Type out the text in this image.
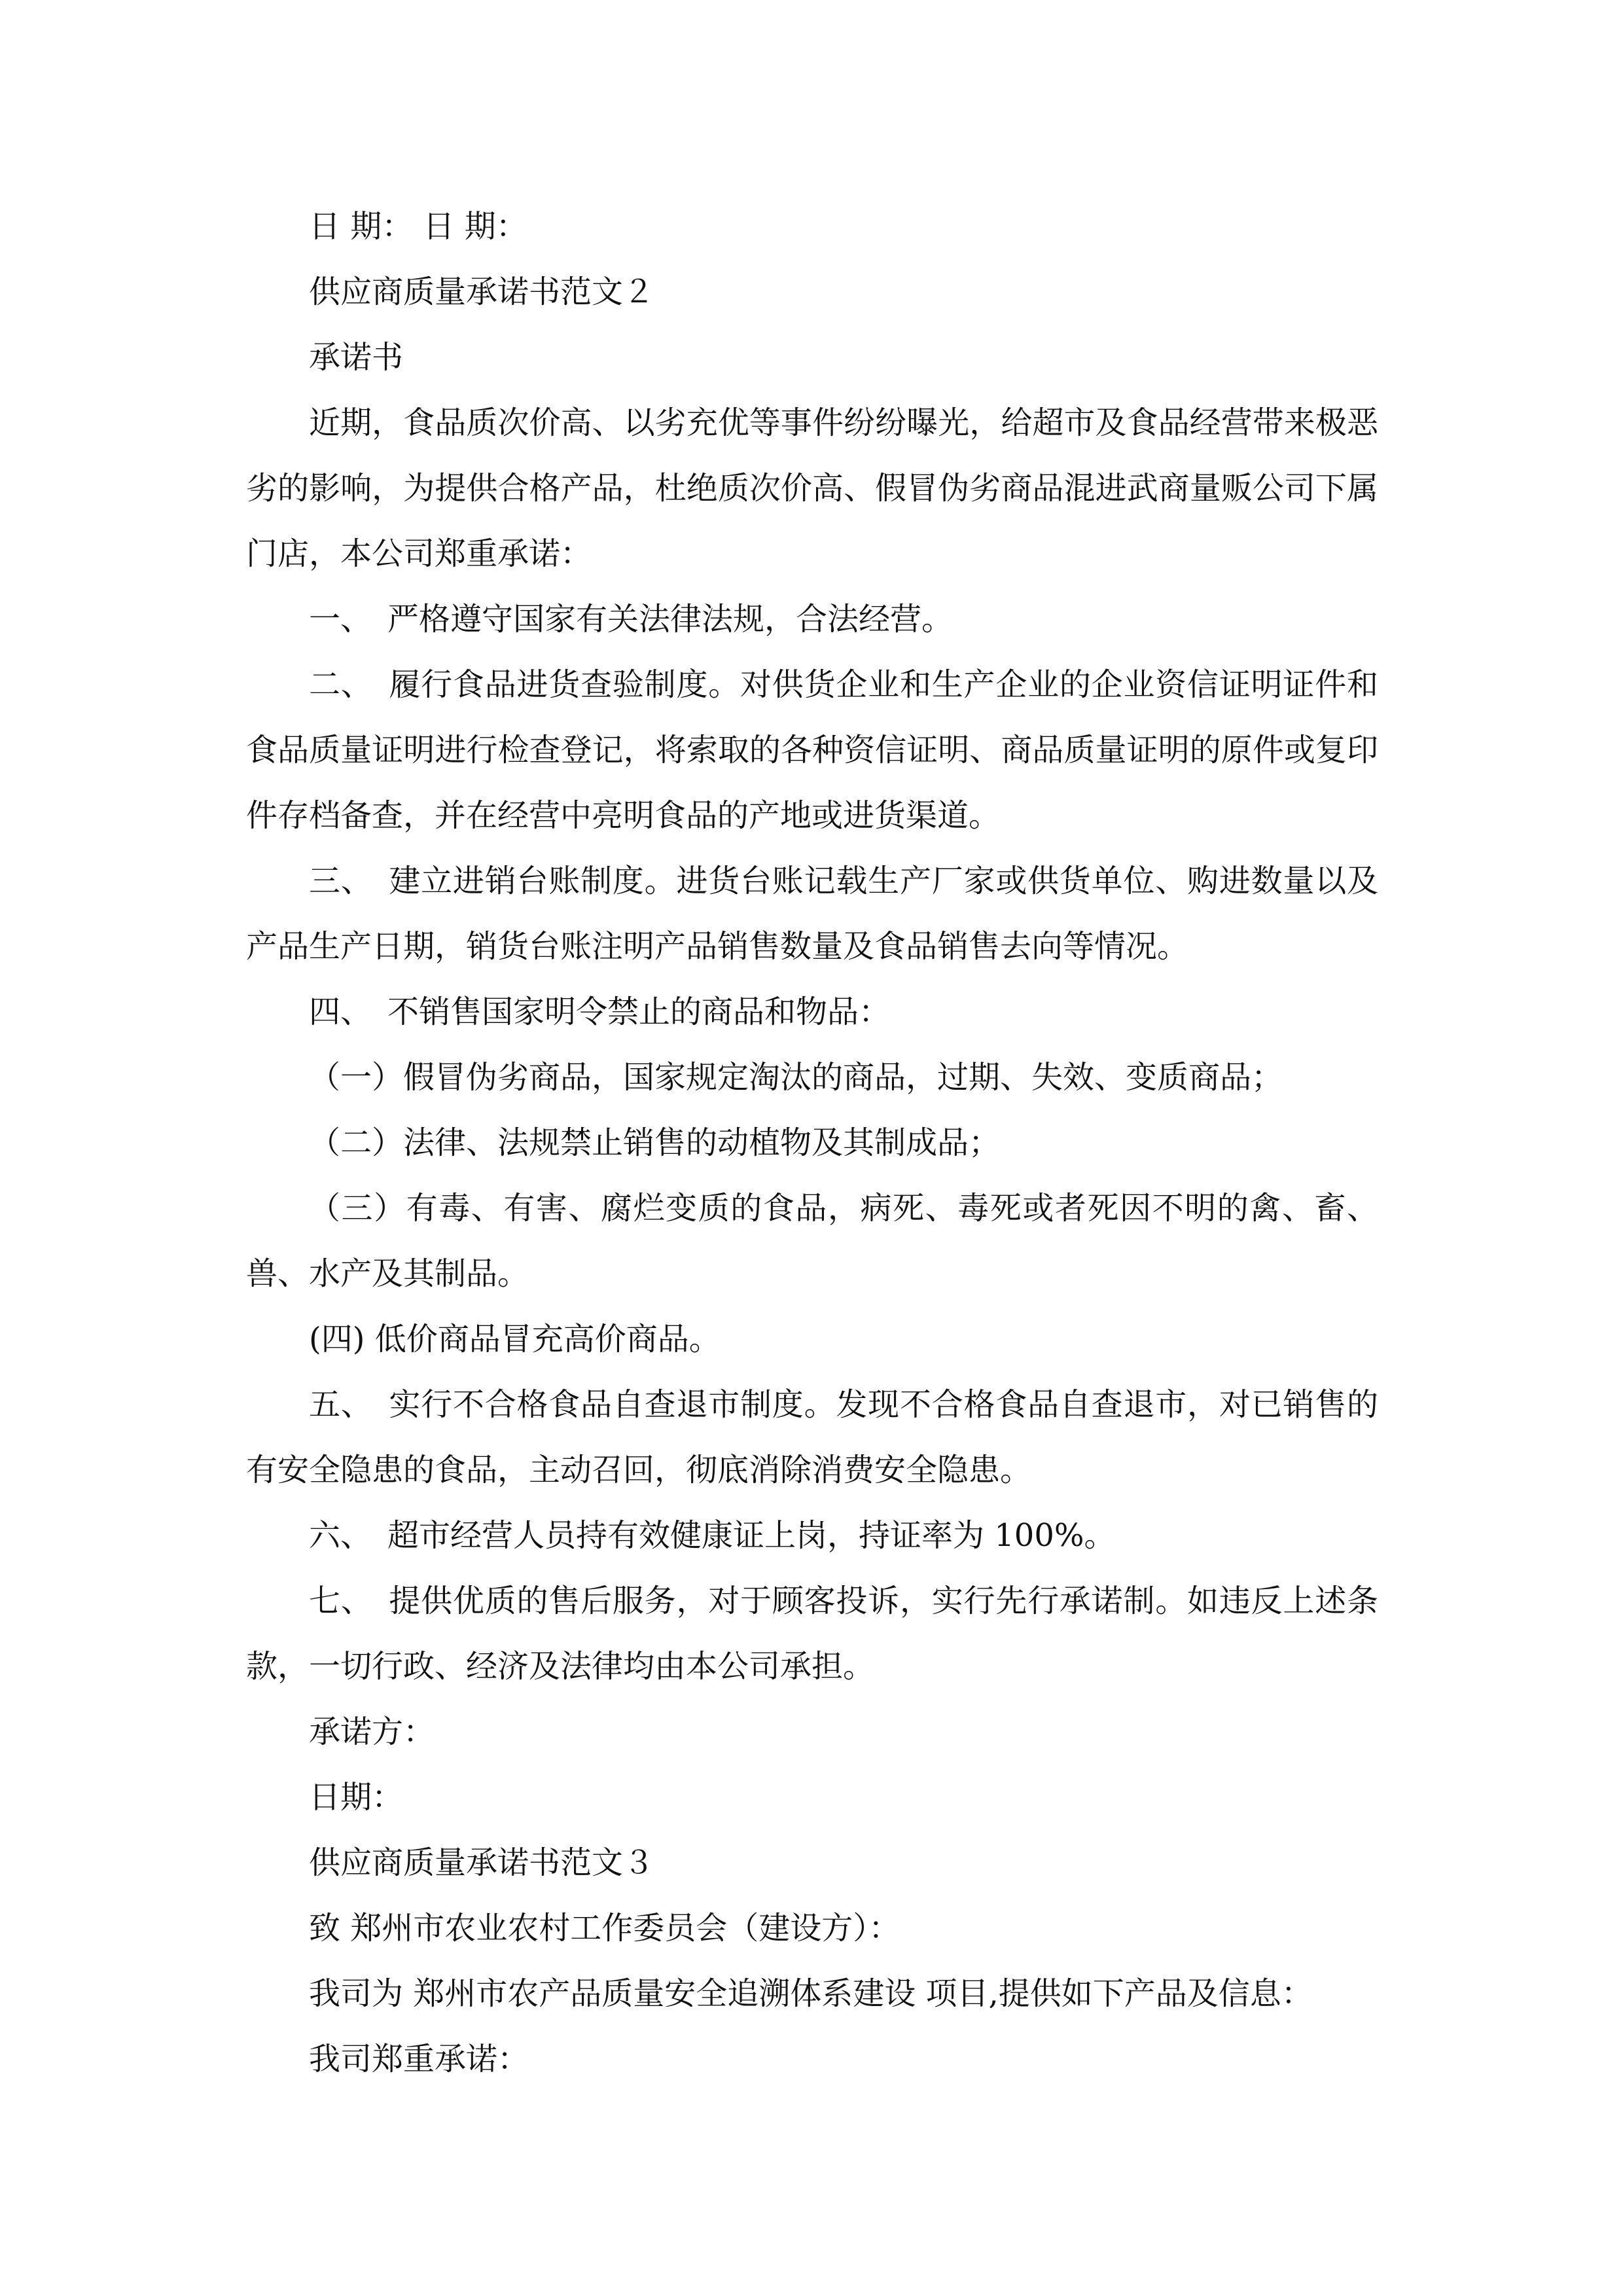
日 期： 日 期：

供应商质量承诺书范文２

承诺书

近期，食品质次价高、以劣充优等事件纷纷曝光，给超市及食品经营带来极恶劣的影响，为提供合格产品，杜绝质次价高、假冒伪劣商品混进武商量贩公司下属门店，本公司郑重承诺：

一、　严格遵守国家有关法律法规，合法经营。

二、　履行食品进货查验制度。对供货企业和生产企业的企业资信证明证件和食品质量证明进行检查登记，将索取的各种资信证明、商品质量证明的原件或复印件存档备查，并在经营中亮明食品的产地或进货渠道。

三、　建立进销台账制度。进货台账记载生产厂家或供货单位、购进数量以及产品生产日期，销货台账注明产品销售数量及食品销售去向等情况。

四、　不销售国家明令禁止的商品和物品：

（一）假冒伪劣商品，国家规定淘汰的商品，过期、失效、变质商品；

（二）法律、法规禁止销售的动植物及其制成品；

（三）有毒、有害、腐烂变质的食品，病死、毒死或者死因不明的禽、畜、兽、水产及其制品。

(四) 低价商品冒充高价商品。

五、　实行不合格食品自查退市制度。发现不合格食品自查退市，对已销售的有安全隐患的食品，主动召回，彻底消除消费安全隐患。

六、　超市经营人员持有效健康证上岗，持证率为 100%。

七、　提供优质的售后服务，对于顾客投诉，实行先行承诺制。如违反上述条款，一切行政、经济及法律均由本公司承担。

承诺方：

日期：

供应商质量承诺书范文３

致 郑州市农业农村工作委员会（建设方）：

我司为 郑州市农产品质量安全追溯体系建设 项目,提供如下产品及信息：

我司郑重承诺：
